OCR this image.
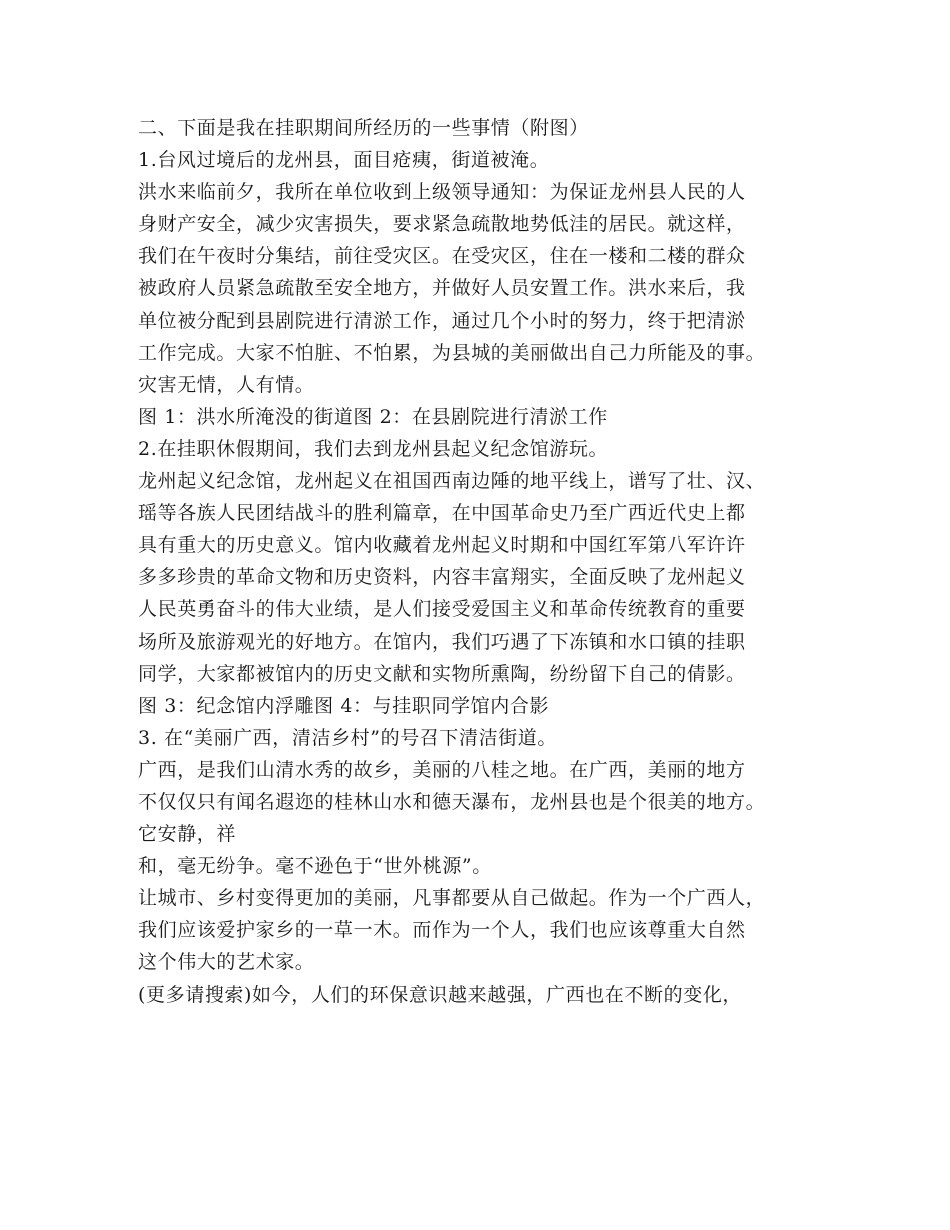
二、下面是我在挂职期间所经历的一些事情（附图）

1.台风过境后的龙州县，面目疮痍，街道被淹。

洪水来临前夕，我所在单位收到上级领导通知：为保证龙州县人民的人

身财产安全，减少灾害损失，要求紧急疏散地势低洼的居民。就这样，

我们在午夜时分集结，前往受灾区。在受灾区，住在一楼和二楼的群众

被政府人员紧急疏散至安全地方，并做好人员安置工作。洪水来后，我

单位被分配到县剧院进行清淤工作，通过几个小时的努力，终于把清淤

工作完成。大家不怕脏、不怕累，为县城的美丽做出自己力所能及的事。

灾害无情，人有情。

图 1：洪水所淹没的街道图 2：在县剧院进行清淤工作

2.在挂职休假期间，我们去到龙州县起义纪念馆游玩。

龙州起义纪念馆，龙州起义在祖国西南边陲的地平线上，谱写了壮、汉、

瑶等各族人民团结战斗的胜利篇章，在中国革命史乃至广西近代史上都

具有重大的历史意义。馆内收藏着龙州起义时期和中国红军第八军许许

多多珍贵的革命文物和历史资料，内容丰富翔实，全面反映了龙州起义

人民英勇奋斗的伟大业绩，是人们接受爱国主义和革命传统教育的重要

场所及旅游观光的好地方。在馆内，我们巧遇了下冻镇和水口镇的挂职

同学，大家都被馆内的历史文献和实物所熏陶，纷纷留下自己的倩影。

图 3：纪念馆内浮雕图 4：与挂职同学馆内合影

3. 在“美丽广西，清洁乡村”的号召下清洁街道。

广西，是我们山清水秀的故乡，美丽的八桂之地。在广西，美丽的地方

不仅仅只有闻名遐迩的桂林山水和德天瀑布，龙州县也是个很美的地方。

它安静，祥

和，毫无纷争。毫不逊色于“世外桃源”。

让城市、乡村变得更加的美丽，凡事都要从自己做起。作为一个广西人，

我们应该爱护家乡的一草一木。而作为一个人，我们也应该尊重大自然

这个伟大的艺术家。

(更多请搜索)如今，人们的环保意识越来越强，广西也在不断的变化，
